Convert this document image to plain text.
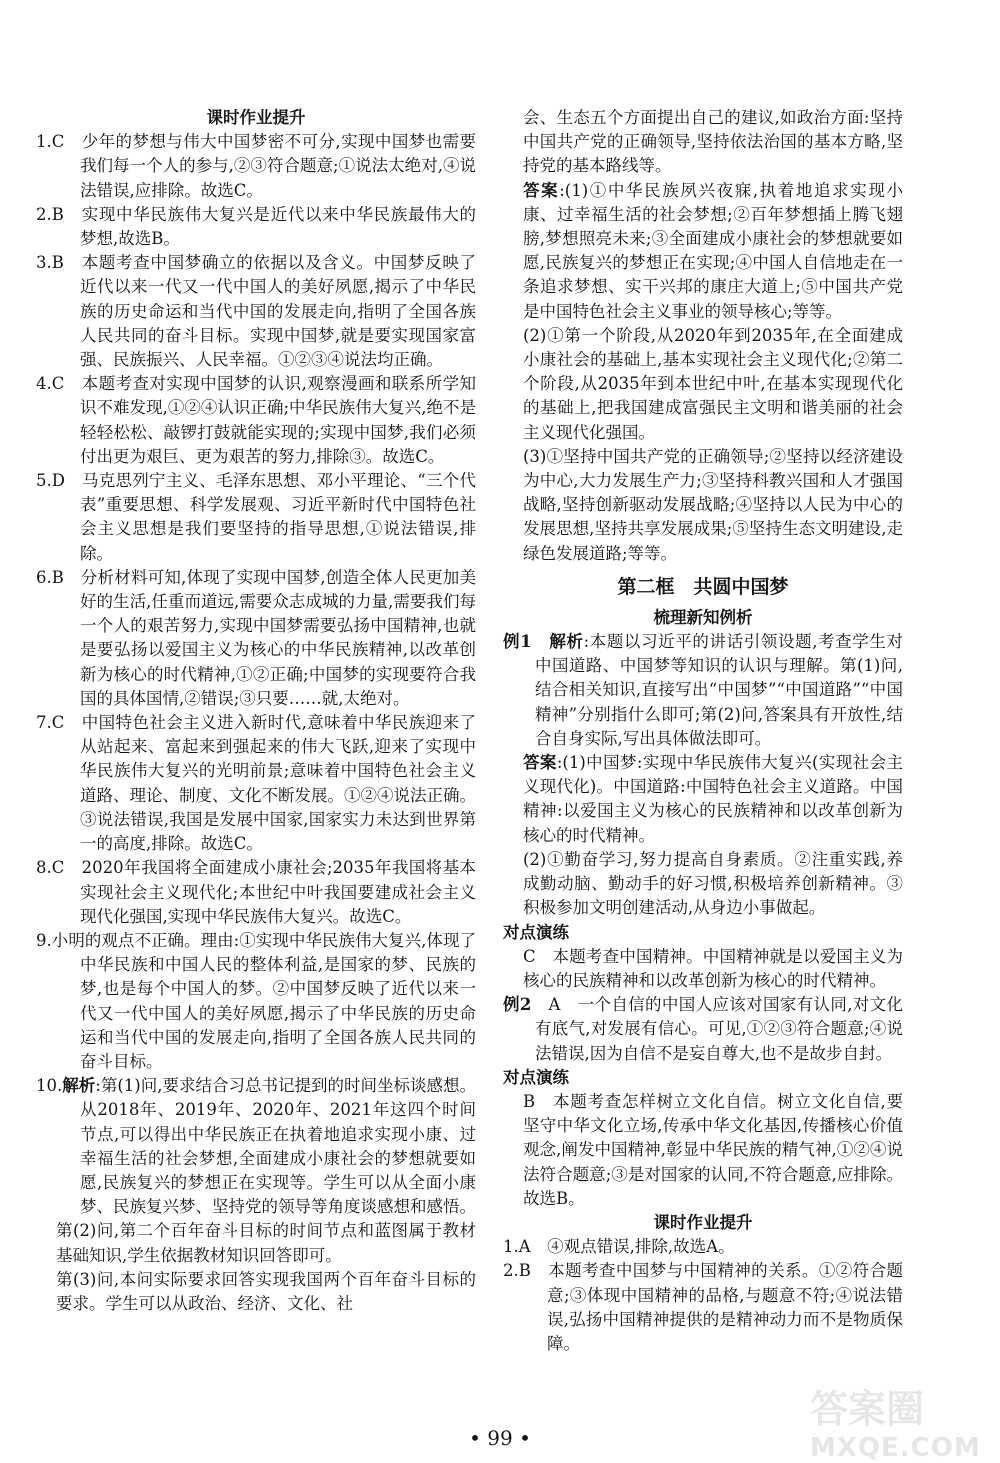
课时作业提升

1.C　少年的梦想与伟大中国梦密不可分,实现中国梦也需要我们每一个人的参与,②③符合题意;①说法太绝对,④说法错误,应排除。故选C。

2.B　实现中华民族伟大复兴是近代以来中华民族最伟大的梦想,故选B。

3.B　本题考查中国梦确立的依据以及含义。中国梦反映了近代以来一代又一代中国人的美好夙愿,揭示了中华民族的历史命运和当代中国的发展走向,指明了全国各族人民共同的奋斗目标。实现中国梦,就是要实现国家富强、民族振兴、人民幸福。①②③④说法均正确。

4.C　本题考查对实现中国梦的认识,观察漫画和联系所学知识不难发现,①②④认识正确;中华民族伟大复兴,绝不是轻轻松松、敲锣打鼓就能实现的;实现中国梦,我们必须付出更为艰巨、更为艰苦的努力,排除③。故选C。

5.D　马克思列宁主义、毛泽东思想、邓小平理论、“三个代表”重要思想、科学发展观、习近平新时代中国特色社会主义思想是我们要坚持的指导思想,①说法错误,排除。

6.B　分析材料可知,体现了实现中国梦,创造全体人民更加美好的生活,任重而道远,需要众志成城的力量,需要我们每一个人的艰苦努力,实现中国梦需要弘扬中国精神,也就是要弘扬以爱国主义为核心的中华民族精神,以改革创新为核心的时代精神,①②正确;中国梦的实现要符合我国的具体国情,②错误;③只要……就,太绝对。

7.C　中国特色社会主义进入新时代,意味着中华民族迎来了从站起来、富起来到强起来的伟大飞跃,迎来了实现中华民族伟大复兴的光明前景;意味着中国特色社会主义道路、理论、制度、文化不断发展。①②④说法正确。③说法错误,我国是发展中国家,国家实力未达到世界第一的高度,排除。故选C。

8.C　2020年我国将全面建成小康社会;2035年我国将基本实现社会主义现代化;本世纪中叶我国要建成社会主义现代化强国,实现中华民族伟大复兴。故选C。

9.小明的观点不正确。理由:①实现中华民族伟大复兴,体现了中华民族和中国人民的整体利益,是国家的梦、民族的梦,也是每个中国人的梦。②中国梦反映了近代以来一代又一代中国人的美好夙愿,揭示了中华民族的历史命运和当代中国的发展走向,指明了全国各族人民共同的奋斗目标。

10.解析:第(1)问,要求结合习总书记提到的时间坐标谈感想。从2018年、2019年、2020年、2021年这四个时间节点,可以得出中华民族正在执着地追求实现小康、过幸福生活的社会梦想,全面建成小康社会的梦想就要如愿,民族复兴的梦想正在实现等。学生可以从全面小康梦、民族复兴梦、坚持党的领导等角度谈感想和感悟。

第(2)问,第二个百年奋斗目标的时间节点和蓝图属于教材基础知识,学生依据教材知识回答即可。

第(3)问,本问实际要求回答实现我国两个百年奋斗目标的要求。学生可以从政治、经济、文化、社

会、生态五个方面提出自己的建议,如政治方面:坚持中国共产党的正确领导,坚持依法治国的基本方略,坚持党的基本路线等。

答案:(1)①中华民族夙兴夜寐,执着地追求实现小康、过幸福生活的社会梦想;②百年梦想插上腾飞翅膀,梦想照亮未来;③全面建成小康社会的梦想就要如愿,民族复兴的梦想正在实现;④中国人自信地走在一条追求梦想、实干兴邦的康庄大道上;⑤中国共产党是中国特色社会主义事业的领导核心;等等。

(2)①第一个阶段,从2020年到2035年,在全面建成小康社会的基础上,基本实现社会主义现代化;②第二个阶段,从2035年到本世纪中叶,在基本实现现代化的基础上,把我国建成富强民主文明和谐美丽的社会主义现代化强国。

(3)①坚持中国共产党的正确领导;②坚持以经济建设为中心,大力发展生产力;③坚持科教兴国和人才强国战略,坚持创新驱动发展战略;④坚持以人民为中心的发展思想,坚持共享发展成果;⑤坚持生态文明建设,走绿色发展道路;等等。

第二框　共圆中国梦

梳理新知例析

例1　解析:本题以习近平的讲话引领设题,考查学生对中国道路、中国梦等知识的认识与理解。第(1)问,结合相关知识,直接写出“中国梦”“中国道路”“中国精神”分别指什么即可;第(2)问,答案具有开放性,结合自身实际,写出具体做法即可。

答案:(1)中国梦:实现中华民族伟大复兴(实现社会主义现代化)。中国道路:中国特色社会主义道路。中国精神:以爱国主义为核心的民族精神和以改革创新为核心的时代精神。

(2)①勤奋学习,努力提高自身素质。②注重实践,养成勤动脑、勤动手的好习惯,积极培养创新精神。③积极参加文明创建活动,从身边小事做起。

对点演练

C　本题考查中国精神。中国精神就是以爱国主义为核心的民族精神和以改革创新为核心的时代精神。

例2　A　一个自信的中国人应该对国家有认同,对文化有底气,对发展有信心。可见,①②③符合题意;④说法错误,因为自信不是妄自尊大,也不是故步自封。

对点演练

B　本题考查怎样树立文化自信。树立文化自信,要坚守中华文化立场,传承中华文化基因,传播核心价值观念,阐发中国精神,彰显中华民族的精气神,①②④说法符合题意;③是对国家的认同,不符合题意,应排除。故选B。

课时作业提升

1.A　④观点错误,排除,故选A。

2.B　本题考查中国梦与中国精神的关系。①②符合题意;③体现中国精神的品格,与题意不符;④说法错误,弘扬中国精神提供的是精神动力而不是物质保障。

• 99 •
答案圈
MXQE.COM
